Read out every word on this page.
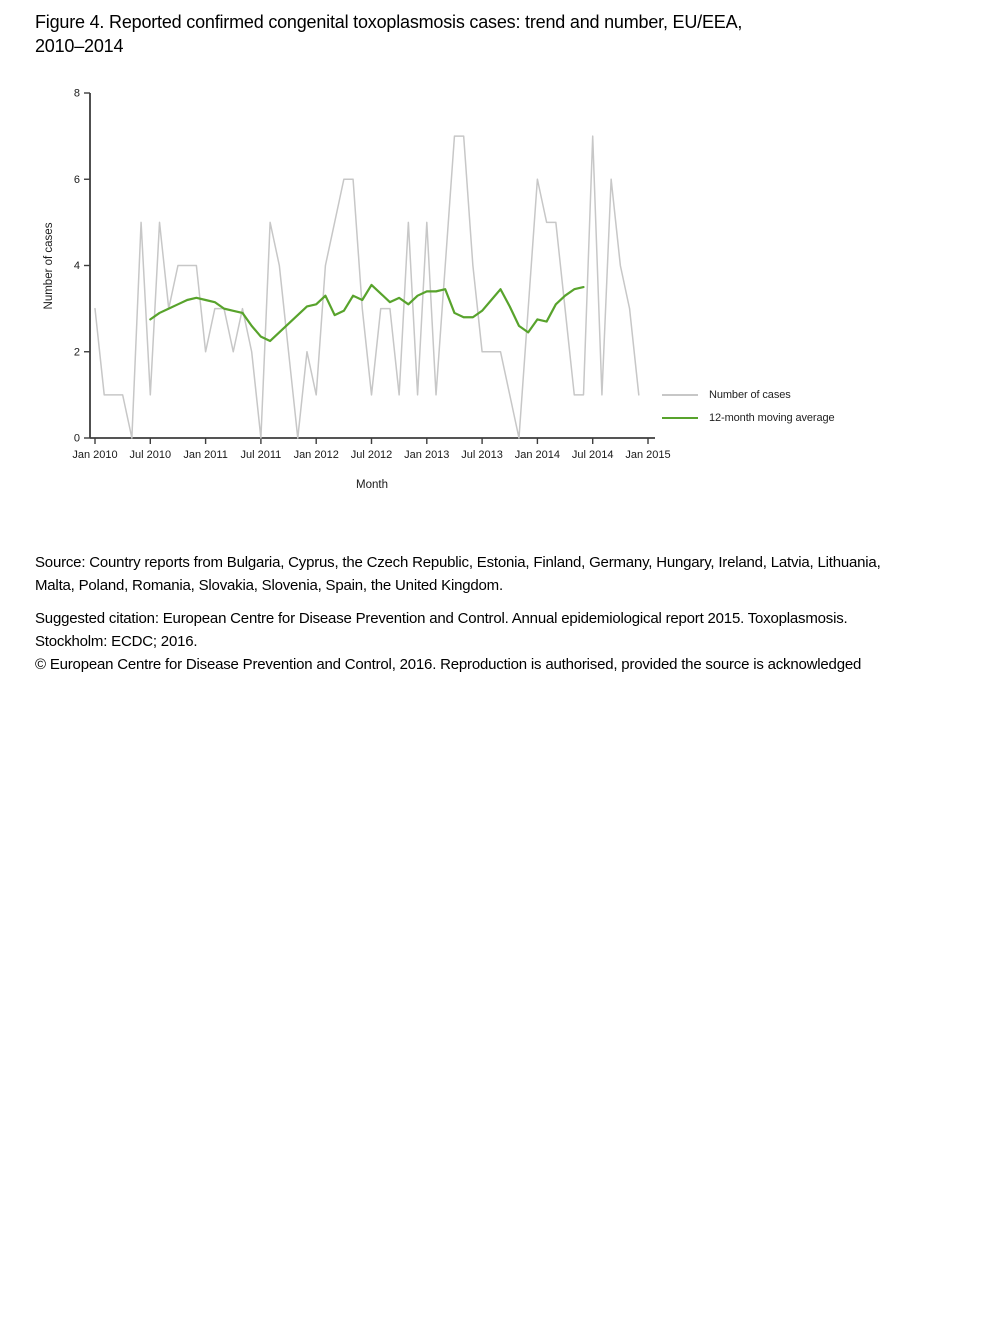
Figure 4. Reported confirmed congenital toxoplasmosis cases: trend and number, EU/EEA,
2010–2014
0
2
4
6
8
Jan 2010 Jul 2010 Jan 2011 Jul 2011 Jan 2012 Jul 2012 Jan 2013 Jul 2013 Jan 2014 Jul 2014 Jan 2015
Number of cases
Month
Number of cases
12-month moving average
Source: Country reports from Bulgaria, Cyprus, the Czech Republic, Estonia, Finland, Germany, Hungary, Ireland, Latvia, Lithuania,
Malta, Poland, Romania, Slovakia, Slovenia, Spain, the United Kingdom.
Suggested citation: European Centre for Disease Prevention and Control. Annual epidemiological report 2015. Toxoplasmosis.
Stockholm: ECDC; 2016.
© European Centre for Disease Prevention and Control, 2016. Reproduction is authorised, provided the source is acknowledged
